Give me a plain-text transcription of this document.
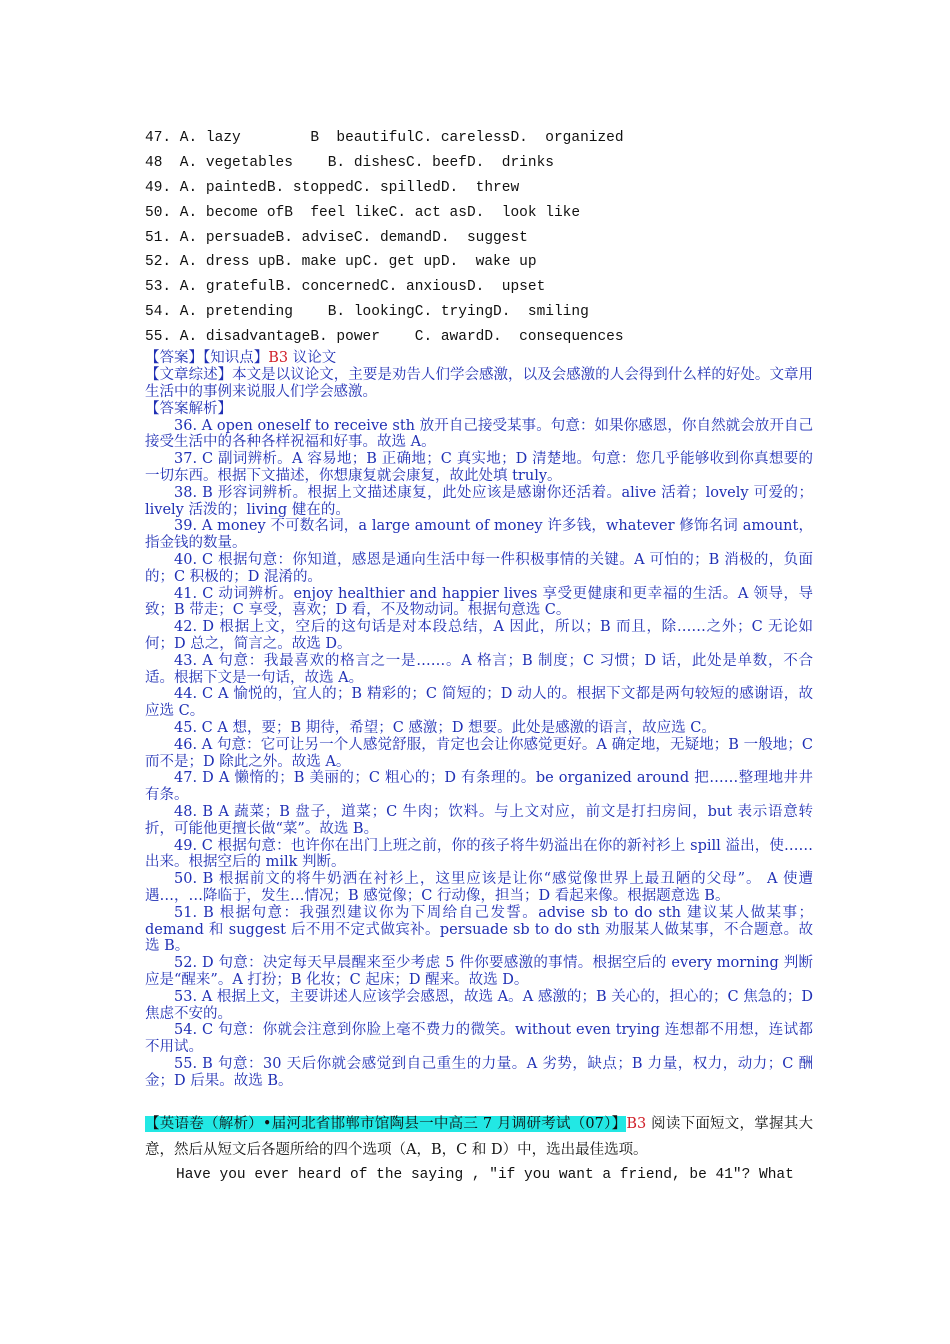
47. A. lazy        B  beautifulC. carelessD.  organized
48  A. vegetables    B. dishesC. beefD.  drinks
49. A. paintedB. stoppedC. spilledD.  threw
50. A. become ofB  feel likeC. act asD.  look like
51. A. persuadeB. adviseC. demandD.  suggest
52. A. dress upB. make upC. get upD.  wake up
53. A. gratefulB. concernedC. anxiousD.  upset
54. A. pretending    B. lookingC. tryingD.  smiling
55. A. disadvantageB. power    C. awardD.  consequences
【答案】【知识点】B3 议论文
【文章综述】本文是以议论文，主要是劝告人们学会感激，以及会感激的人会得到什么样的好处。文章用生活中的事例来说服人们学会感激。
【答案解析】
36. A open oneself to receive sth 放开自己接受某事。句意：如果你感恩，你自然就会放开自己接受生活中的各种各样祝福和好事。故选 A。
37. C 副词辨析。A 容易地；B 正确地；C 真实地；D 清楚地。句意：您几乎能够收到你真想要的一切东西。根据下文描述，你想康复就会康复，故此处填 truly。
38. B 形容词辨析。根据上文描述康复，此处应该是感谢你还活着。alive 活着；lovely 可爱的；lively 活泼的；living 健在的。
39. A money 不可数名词，a large amount of money 许多钱，whatever 修饰名词 amount，指金钱的数量。
40. C 根据句意：你知道，感恩是通向生活中每一件积极事情的关键。A 可怕的；B 消极的，负面的；C 积极的；D 混淆的。
41. C 动词辨析。enjoy healthier and happier lives 享受更健康和更幸福的生活。A 领导，导致；B 带走；C 享受，喜欢；D 看，不及物动词。根据句意选 C。
42. D 根据上文，空后的这句话是对本段总结，A 因此，所以；B 而且，除……之外；C 无论如何；D 总之，简言之。故选 D。
43. A 句意：我最喜欢的格言之一是……。A 格言；B 制度；C 习惯；D 话，此处是单数，不合适。根据下文是一句话，故选 A。
44. C A 愉悦的，宜人的；B 精彩的；C 简短的；D 动人的。根据下文都是两句较短的感谢语，故应选 C。
45. C A 想，要；B 期待，希望；C 感激；D 想要。此处是感激的语言，故应选 C。
46. A 句意：它可让另一个人感觉舒服，肯定也会让你感觉更好。A 确定地，无疑地；B 一般地；C 而不是；D 除此之外。故选 A。
47. D A 懒惰的；B 美丽的；C 粗心的；D 有条理的。be organized around 把……整理地井井有条。
48. B A 蔬菜；B 盘子，道菜；C 牛肉；饮料。与上文对应，前文是打扫房间，but 表示语意转折，可能他更擅长做“菜”。故选 B。
49. C 根据句意：也许你在出门上班之前，你的孩子将牛奶溢出在你的新衬衫上 spill 溢出，使……出来。根据空后的 milk 判断。
50. B 根据前文的将牛奶洒在衬衫上，这里应该是让你“感觉像世界上最丑陋的父母”。 A 使遭遇…，…降临于，发生…情况；B 感觉像；C 行动像，担当；D 看起来像。根据题意选 B。
51. B 根据句意：我强烈建议你为下周给自己发誓。advise sb to do sth 建议某人做某事；demand 和 suggest 后不用不定式做宾补。persuade sb to do sth 劝服某人做某事，不合题意。故选 B。
52. D 句意：决定每天早晨醒来至少考虑 5 件你要感激的事情。根据空后的 every morning 判断应是“醒来”。A 打扮；B 化妆；C 起床；D 醒来。故选 D。
53. A 根据上文，主要讲述人应该学会感恩，故选 A。A 感激的；B 关心的，担心的；C 焦急的；D 焦虑不安的。
54. C 句意：你就会注意到你脸上毫不费力的微笑。without even trying 连想都不用想，连试都不用试。
55. B 句意：30 天后你就会感觉到自己重生的力量。A 劣势，缺点；B 力量，权力，动力；C 酬金；D 后果。故选 B。
【英语卷（解析）•届河北省邯郸市馆陶县一中高三 7 月调研考试（07）】B3 阅读下面短文，掌握其大意，然后从短文后各题所给的四个选项（A，B，C 和 D）中，选出最佳选项。
Have you ever heard of the saying , "if you want a friend, be 41"? What
